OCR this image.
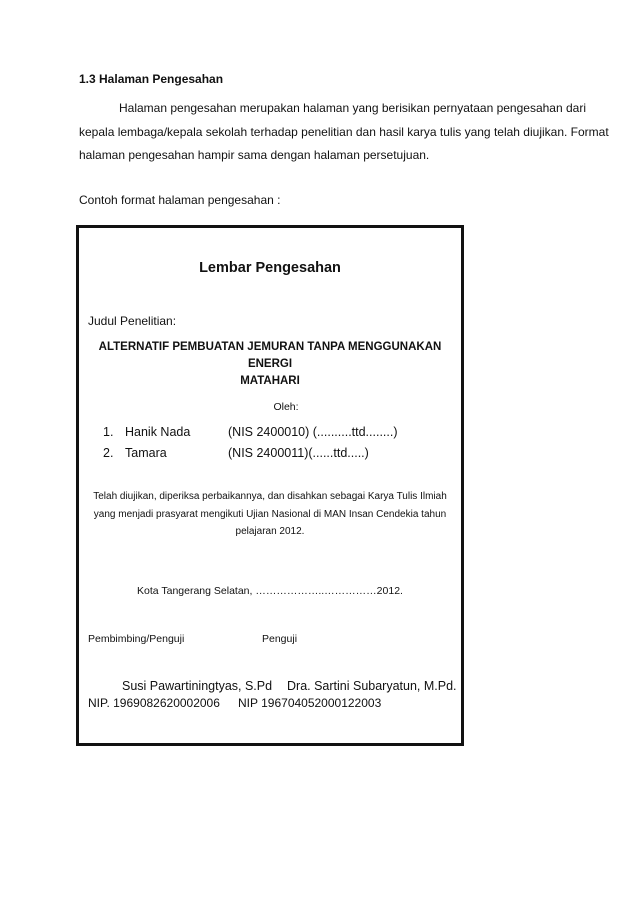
1.3 Halaman Pengesahan
Halaman pengesahan merupakan halaman yang berisikan pernyataan pengesahan dari
kepala lembaga/kepala sekolah terhadap penelitian dan hasil karya tulis yang telah diujikan. Format
halaman pengesahan hampir sama dengan halaman persetujuan.
Contoh format halaman pengesahan :
Lembar Pengesahan
Judul Penelitian:
ALTERNATIF PEMBUATAN JEMURAN TANPA MENGGUNAKAN ENERGI
MATAHARI
Oleh:
1. Hanik Nada	(NIS 2400010) (..........ttd........)
2. Tamara	(NIS 2400011)(......ttd.....)
Telah diujikan, diperiksa perbaikannya, dan disahkan sebagai Karya Tulis Ilmiah
yang menjadi prasyarat mengikuti Ujian Nasional di MAN Insan Cendekia tahun
pelajaran 2012.
Kota Tangerang Selatan, ………………..……………2012.
Pembimbing/Penguji	Penguji
Susi Pawartiningtyas, S.Pd Dra. Sartini Subaryatun, M.Pd.
NIP. 1969082620002006 NIP 196704052000122003
